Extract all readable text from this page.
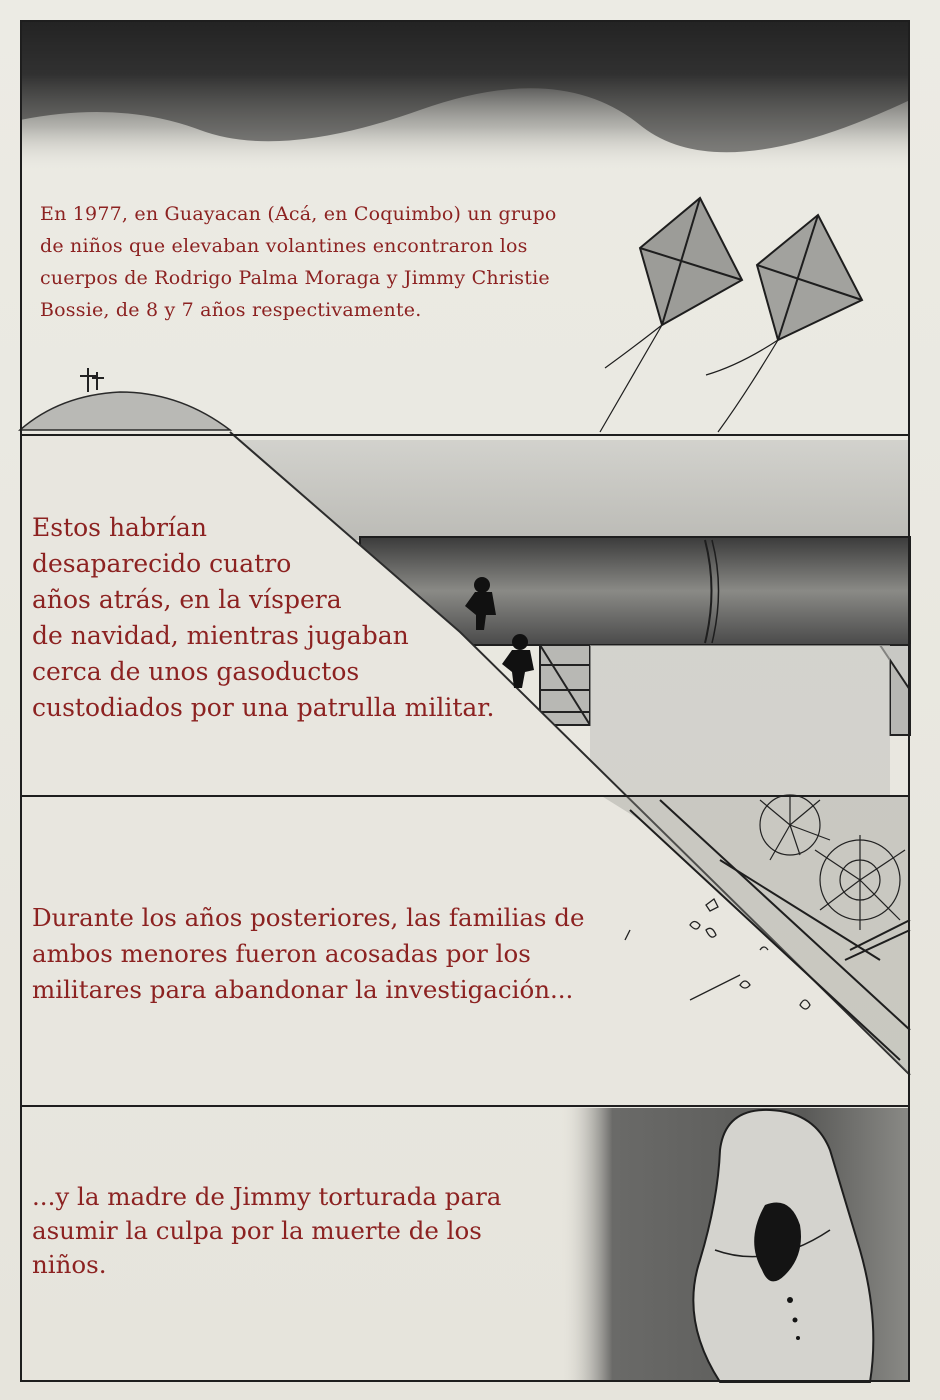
En 1977, en Guayacan (Acá, en Coquimbo) un grupo
de niños que elevaban volantines encontraron los
cuerpos de Rodrigo Palma Moraga y Jimmy Christie
Bossie, de 8 y 7 años respectivamente.

Estos habrían
desaparecido cuatro
años atrás, en la víspera
de navidad, mientras jugaban
cerca de unos gasoductos
custodiados por una patrulla militar.

Durante los años posteriores, las familias de
ambos menores fueron acosadas por los
militares para abandonar la investigación...

...y la madre de Jimmy torturada para
asumir la culpa por la muerte de los
niños.
